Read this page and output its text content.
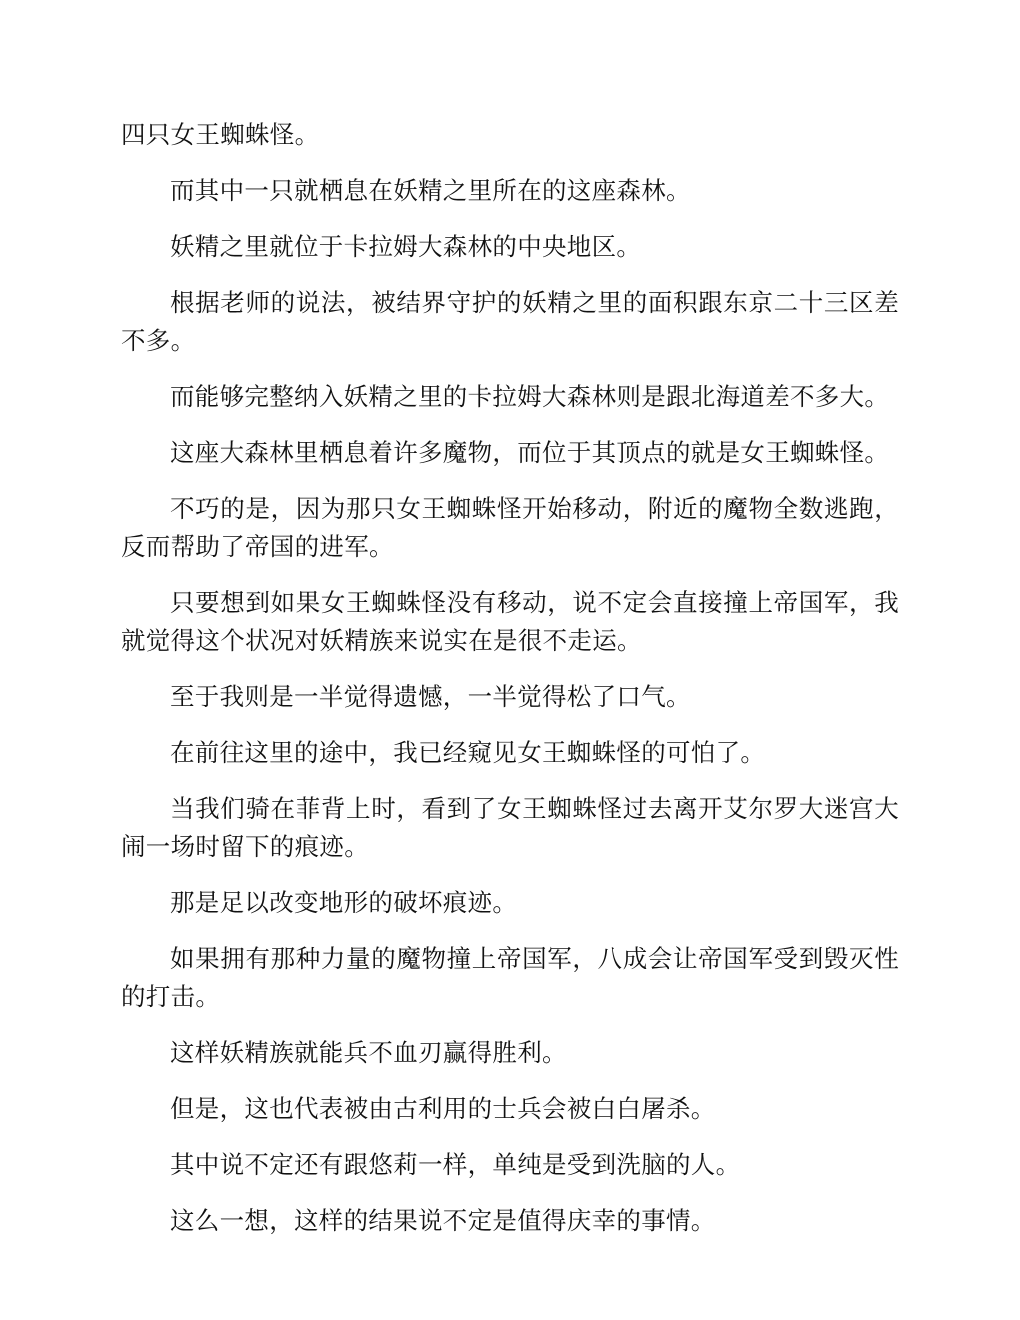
四只女王蜘蛛怪。

而其中一只就栖息在妖精之里所在的这座森林。

妖精之里就位于卡拉姆大森林的中央地区。

根据老师的说法，被结界守护的妖精之里的面积跟东京二十三区差不多。

而能够完整纳入妖精之里的卡拉姆大森林则是跟北海道差不多大。

这座大森林里栖息着许多魔物，而位于其顶点的就是女王蜘蛛怪。

不巧的是，因为那只女王蜘蛛怪开始移动，附近的魔物全数逃跑，反而帮助了帝国的进军。

只要想到如果女王蜘蛛怪没有移动，说不定会直接撞上帝国军，我就觉得这个状况对妖精族来说实在是很不走运。

至于我则是一半觉得遗憾，一半觉得松了口气。

在前往这里的途中，我已经窥见女王蜘蛛怪的可怕了。

当我们骑在菲背上时，看到了女王蜘蛛怪过去离开艾尔罗大迷宫大闹一场时留下的痕迹。

那是足以改变地形的破坏痕迹。

如果拥有那种力量的魔物撞上帝国军，八成会让帝国军受到毁灭性的打击。

这样妖精族就能兵不血刃赢得胜利。

但是，这也代表被由古利用的士兵会被白白屠杀。

其中说不定还有跟悠莉一样，单纯是受到洗脑的人。

这么一想，这样的结果说不定是值得庆幸的事情。
